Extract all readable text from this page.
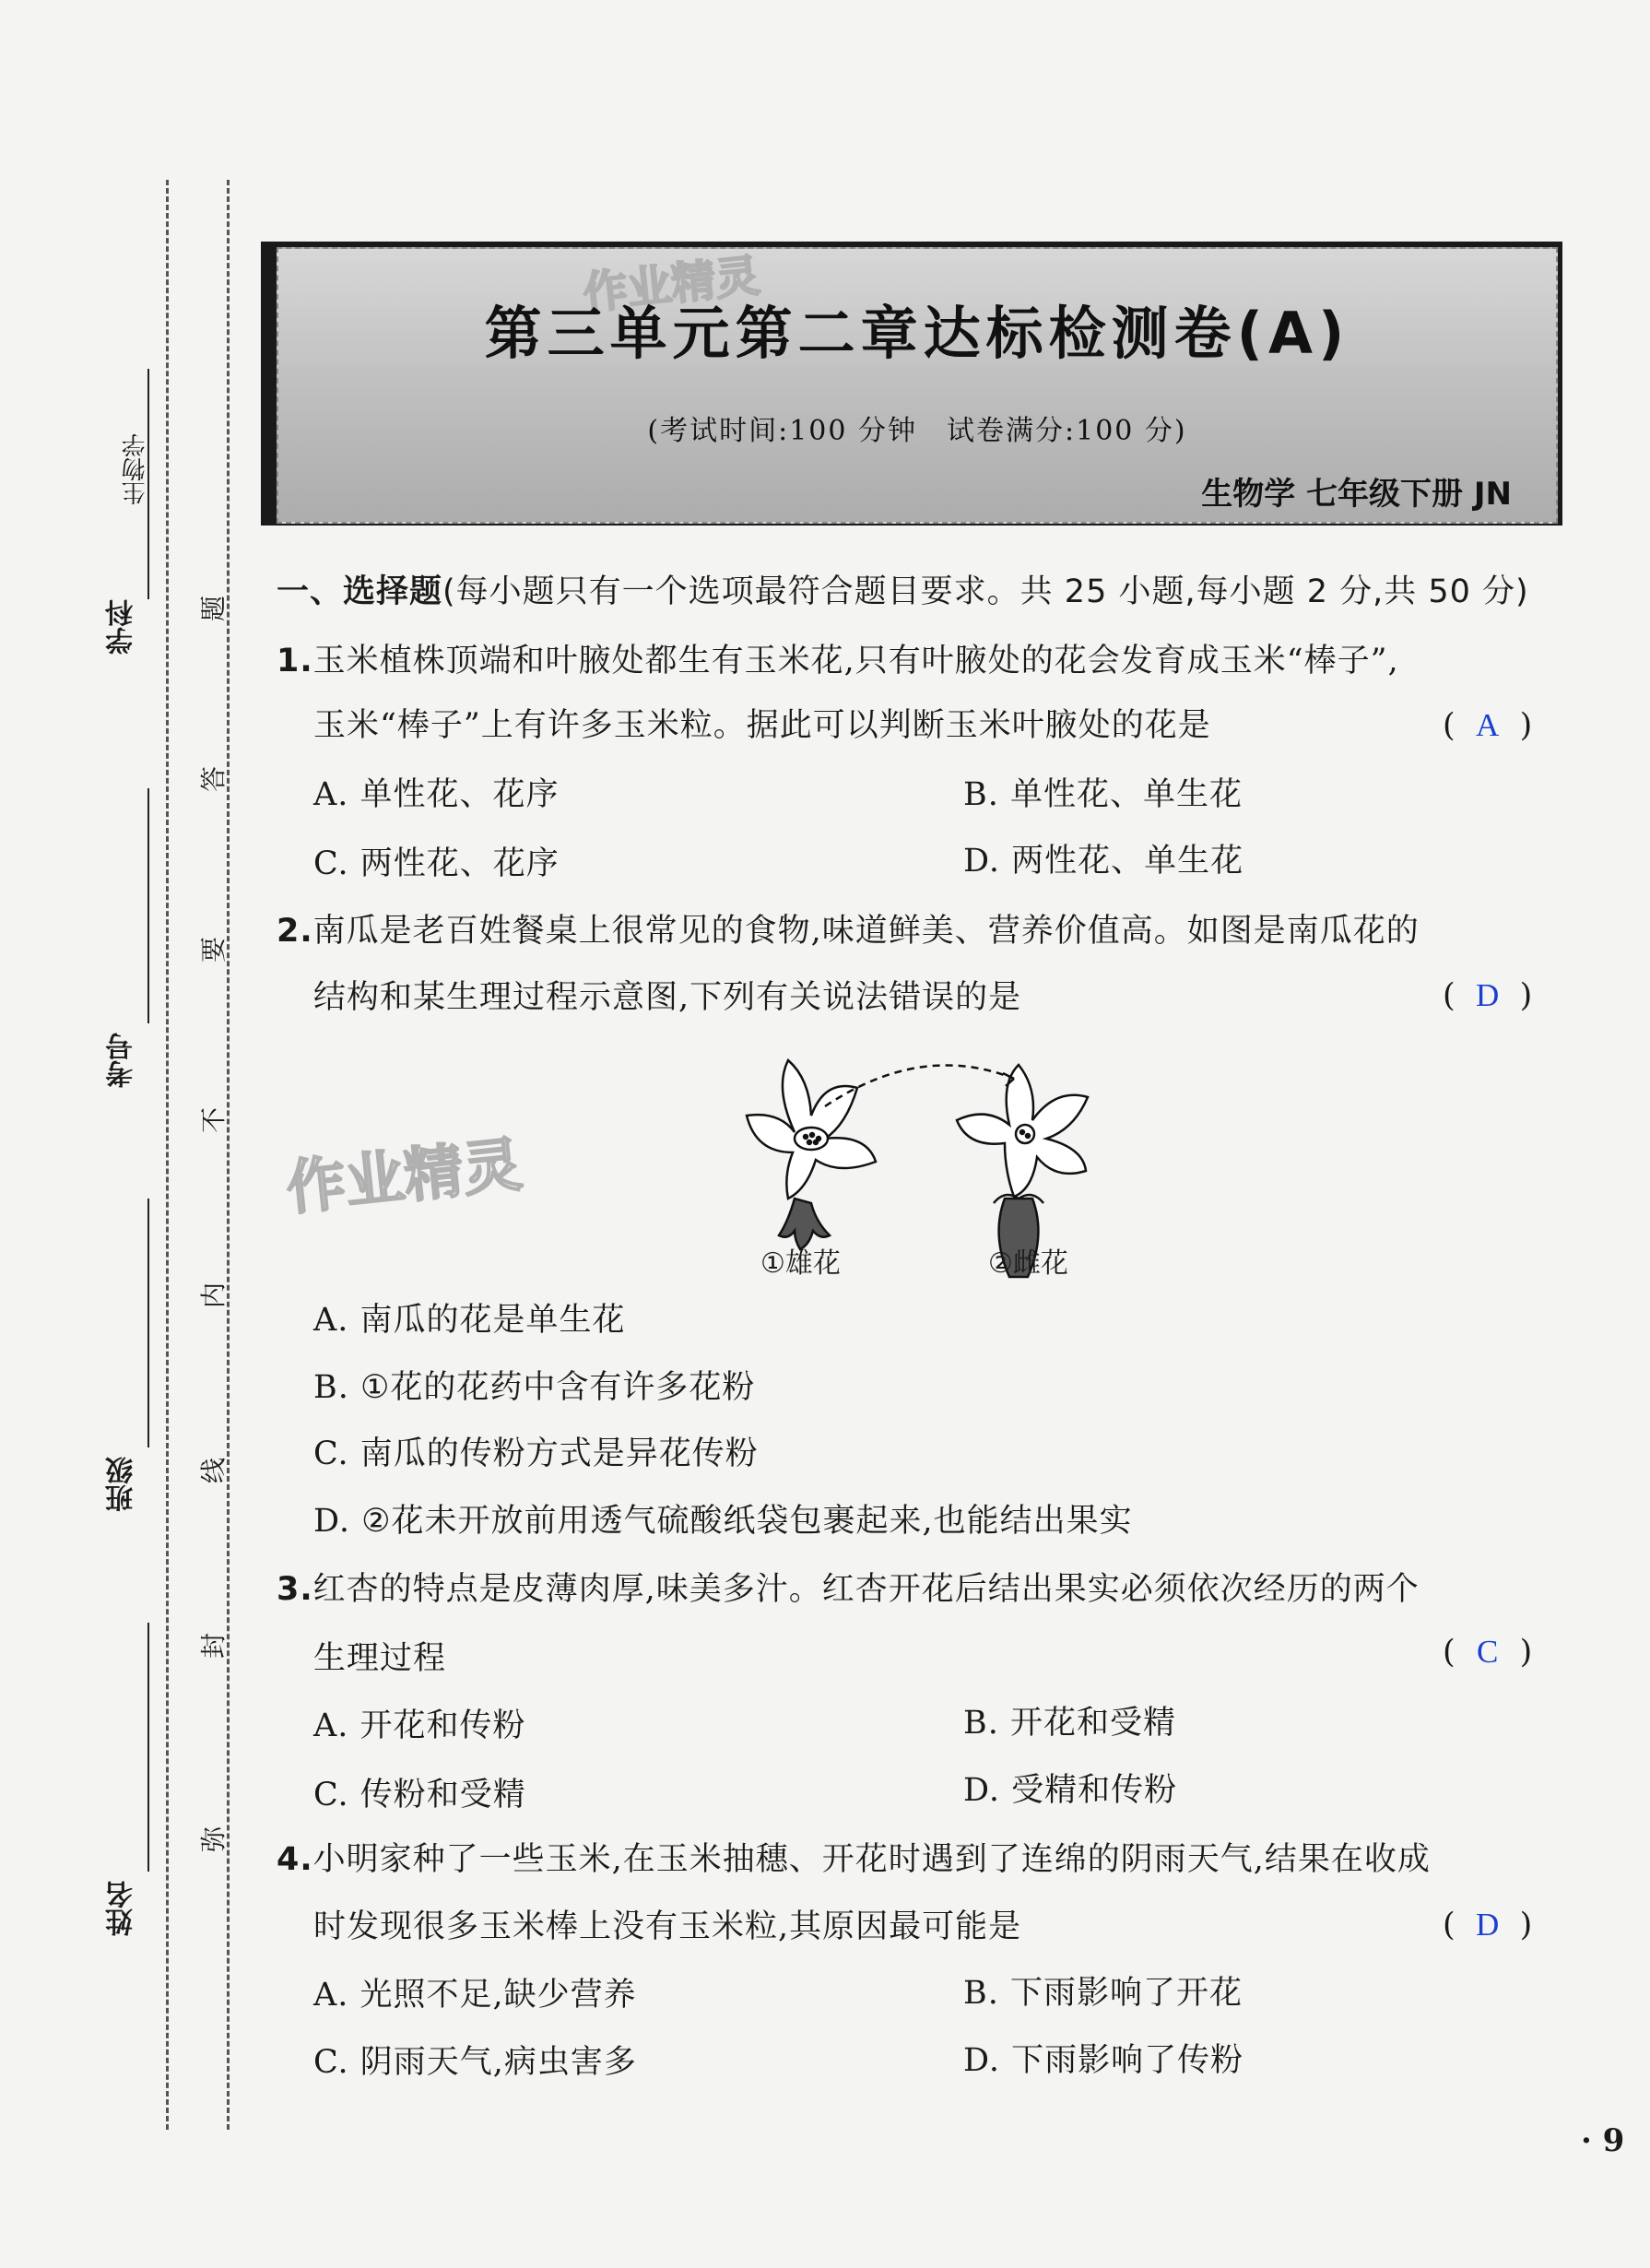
学科
生物学
考号
班级
姓名
题
答
要
不
内
线
封
弥
作业精灵
第三单元第二章达标检测卷(A)
(考试时间:100 分钟　试卷满分:100 分)
生物学 七年级下册 JN
一、选择题(每小题只有一个选项最符合题目要求。共 25 小题,每小题 2 分,共 50 分)
1.玉米植株顶端和叶腋处都生有玉米花,只有叶腋处的花会发育成玉米“棒子”,
玉米“棒子”上有许多玉米粒。据此可以判断玉米叶腋处的花是	( A )
A. 单性花、花序	B. 单性花、单生花
C. 两性花、花序	D. 两性花、单生花
2.南瓜是老百姓餐桌上很常见的食物,味道鲜美、营养价值高。如图是南瓜花的
结构和某生理过程示意图,下列有关说法错误的是	( D )
作业精灵
①雄花	②雌花
A. 南瓜的花是单生花
B. ①花的花药中含有许多花粉
C. 南瓜的传粉方式是异花传粉
D. ②花未开放前用透气硫酸纸袋包裹起来,也能结出果实
3.红杏的特点是皮薄肉厚,味美多汁。红杏开花后结出果实必须依次经历的两个
生理过程	( C )
A. 开花和传粉	B. 开花和受精
C. 传粉和受精	D. 受精和传粉
4.小明家种了一些玉米,在玉米抽穗、开花时遇到了连绵的阴雨天气,结果在收成
时发现很多玉米棒上没有玉米粒,其原因最可能是	( D )
A. 光照不足,缺少营养	B. 下雨影响了开花
C. 阴雨天气,病虫害多	D. 下雨影响了传粉
· 9
